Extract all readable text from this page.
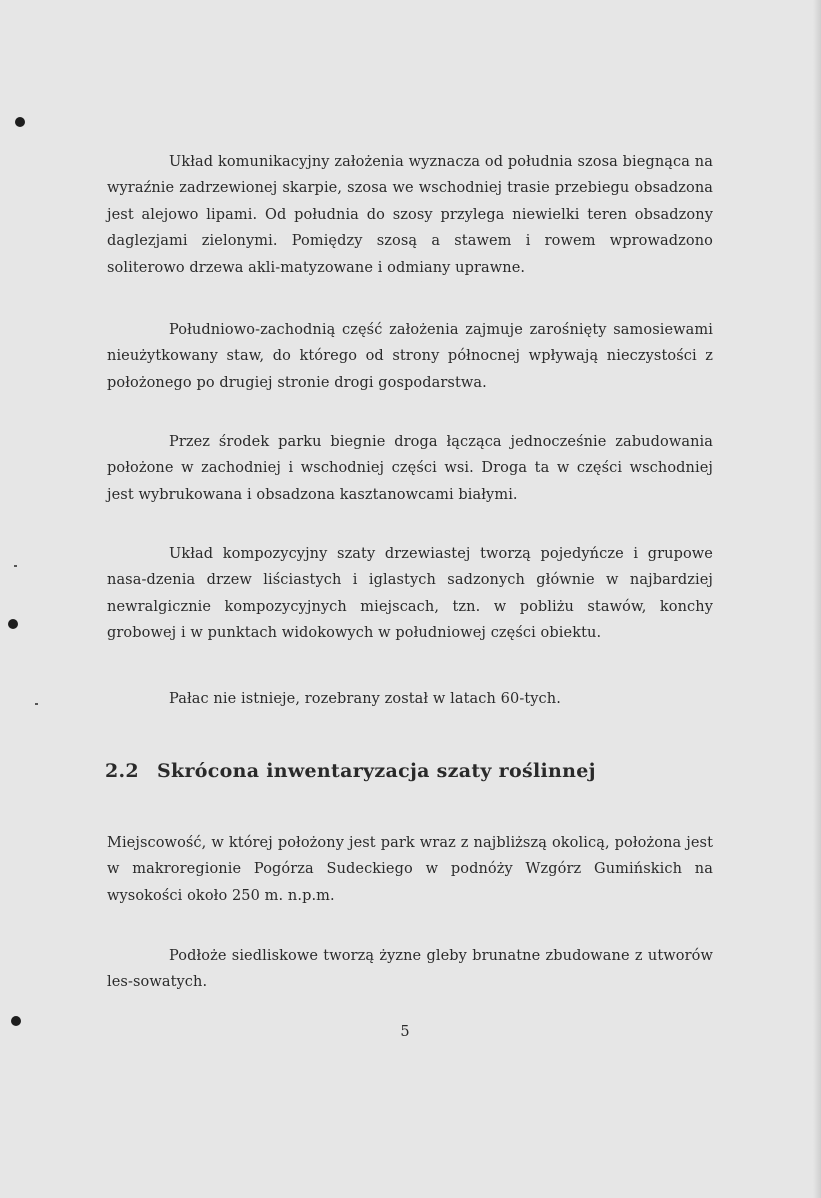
Układ komunikacyjny założenia wyznacza od południa szosa biegnąca na wyraźnie zadrzewionej skarpie, szosa we wschodniej trasie przebiegu obsadzona jest alejowo lipami. Od południa do szosy przylega niewielki teren obsadzony daglezjami zielonymi. Pomiędzy szosą a stawem i rowem wprowadzono soliterowo drzewa akli-matyzowane i odmiany uprawne.

Południowo-zachodnią część założenia zajmuje zarośnięty samosiewami nieużytkowany staw, do którego od strony północnej wpływają nieczystości z położonego po drugiej stronie drogi gospodarstwa.

Przez środek parku biegnie droga łącząca jednocześnie zabudowania położone w zachodniej i wschodniej części wsi. Droga ta w części wschodniej jest wybrukowana i obsadzona kasztanowcami białymi.

Układ kompozycyjny szaty drzewiastej tworzą pojedyńcze i grupowe nasa-dzenia drzew liściastych i iglastych sadzonych głównie w najbardziej newralgicznie kompozycyjnych miejscach, tzn. w pobliżu stawów, konchy grobowej i w punktach widokowych w południowej części obiektu.

Pałac nie istnieje, rozebrany został w latach 60-tych.

2.2 Skrócona inwentaryzacja szaty roślinnej

Miejscowość, w której położony jest park wraz z najbliższą okolicą, położona jest w makroregionie Pogórza Sudeckiego w podnóży Wzgórz Gumińskich na wysokości około 250 m. n.p.m.

Podłoże siedliskowe tworzą żyzne gleby brunatne zbudowane z utworów les-sowatych.

5
